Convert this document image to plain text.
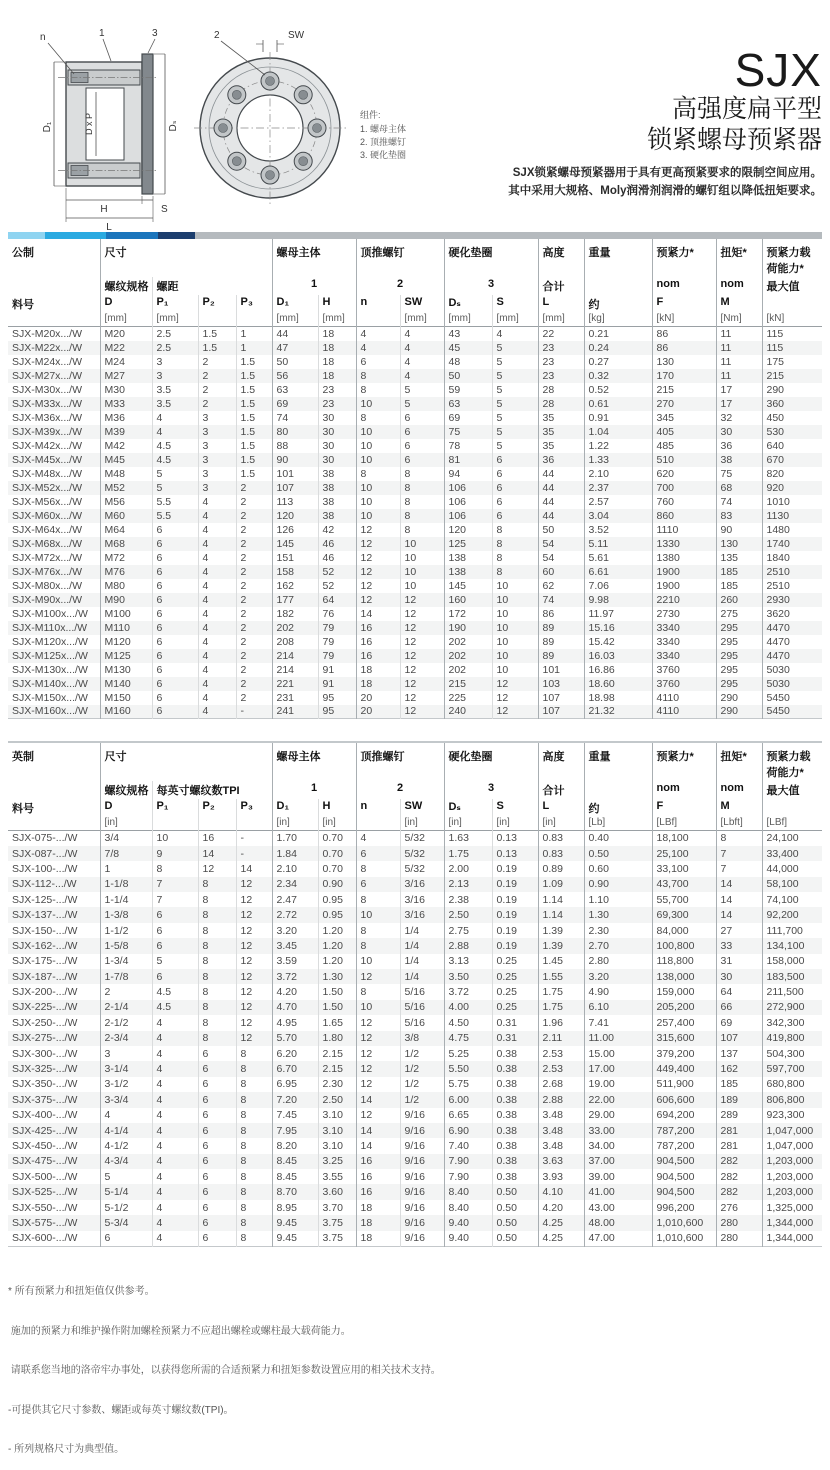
n	1	3
D₁	D x P	Dₛ
H	S
L
2	SW
组件:
1. 螺母主体
2. 顶推螺钉
3. 硬化垫圈
SJX
高强度扁平型
锁紧螺母预紧器
SJX锁紧螺母预紧器用于具有更高预紧要求的限制空间应用。
其中采用大规格、Moly润滑剂润滑的螺钉组以降低扭矩要求。
公制	尺寸				螺母主体		顶推螺钉		硬化垫圈		高度	重量	预紧力*	扭矩*	预紧力载
荷能力*
	螺纹规格	螺距			1		2		3		合计		nom	nom	最大值
料号	D	P₁	P₂	P₃	D₁	H	n	SW	Dₛ	S	L	约	F	M	
	[mm]	[mm]			[mm]	[mm]		[mm]	[mm]	[mm]	[mm]	[kg]	[kN]	[Nm]	[kN]
SJX-M20x.../W	M20	2.5	1.5	1	44	18	4	4	43	4	22	0.21	86	11	115
SJX-M22x.../W	M22	2.5	1.5	1	47	18	4	4	45	5	23	0.24	86	11	115
SJX-M24x.../W	M24	3	2	1.5	50	18	6	4	48	5	23	0.27	130	11	175
SJX-M27x.../W	M27	3	2	1.5	56	18	8	4	50	5	23	0.32	170	11	215
SJX-M30x.../W	M30	3.5	2	1.5	63	23	8	5	59	5	28	0.52	215	17	290
SJX-M33x.../W	M33	3.5	2	1.5	69	23	10	5	63	5	28	0.61	270	17	360
SJX-M36x.../W	M36	4	3	1.5	74	30	8	6	69	5	35	0.91	345	32	450
SJX-M39x.../W	M39	4	3	1.5	80	30	10	6	75	5	35	1.04	405	30	530
SJX-M42x.../W	M42	4.5	3	1.5	88	30	10	6	78	5	35	1.22	485	36	640
SJX-M45x.../W	M45	4.5	3	1.5	90	30	10	6	81	6	36	1.33	510	38	670
SJX-M48x.../W	M48	5	3	1.5	101	38	8	8	94	6	44	2.10	620	75	820
SJX-M52x.../W	M52	5	3	2	107	38	10	8	106	6	44	2.37	700	68	920
SJX-M56x.../W	M56	5.5	4	2	113	38	10	8	106	6	44	2.57	760	74	1010
SJX-M60x.../W	M60	5.5	4	2	120	38	10	8	106	6	44	3.04	860	83	1130
SJX-M64x.../W	M64	6	4	2	126	42	12	8	120	8	50	3.52	1110	90	1480
SJX-M68x.../W	M68	6	4	2	145	46	12	10	125	8	54	5.11	1330	130	1740
SJX-M72x.../W	M72	6	4	2	151	46	12	10	138	8	54	5.61	1380	135	1840
SJX-M76x.../W	M76	6	4	2	158	52	12	10	138	8	60	6.61	1900	185	2510
SJX-M80x.../W	M80	6	4	2	162	52	12	10	145	10	62	7.06	1900	185	2510
SJX-M90x.../W	M90	6	4	2	177	64	12	12	160	10	74	9.98	2210	260	2930
SJX-M100x.../W	M100	6	4	2	182	76	14	12	172	10	86	11.97	2730	275	3620
SJX-M110x.../W	M110	6	4	2	202	79	16	12	190	10	89	15.16	3340	295	4470
SJX-M120x.../W	M120	6	4	2	208	79	16	12	202	10	89	15.42	3340	295	4470
SJX-M125x.../W	M125	6	4	2	214	79	16	12	202	10	89	16.03	3340	295	4470
SJX-M130x.../W	M130	6	4	2	214	91	18	12	202	10	101	16.86	3760	295	5030
SJX-M140x.../W	M140	6	4	2	221	91	18	12	215	12	103	18.60	3760	295	5030
SJX-M150x.../W	M150	6	4	2	231	95	20	12	225	12	107	18.98	4110	290	5450
SJX-M160x.../W	M160	6	4	-	241	95	20	12	240	12	107	21.32	4110	290	5450
英制	尺寸				螺母主体		顶推螺钉		硬化垫圈		高度	重量	预紧力*	扭矩*	预紧力载
荷能力*
	螺纹规格	每英寸螺纹数TPI			1		2		3		合计		nom	nom	最大值
料号	D	P₁	P₂	P₃	D₁	H	n	SW	Dₛ	S	L	约	F	M	
	[in]				[in]	[in]		[in]	[in]	[in]	[in]	[Lb]	[LBf]	[Lbft]	[LBf]
SJX-075-.../W	3/4	10	16	-	1.70	0.70	4	5/32	1.63	0.13	0.83	0.40	18,100	8	24,100
SJX-087-.../W	7/8	9	14	-	1.84	0.70	6	5/32	1.75	0.13	0.83	0.50	25,100	7	33,400
SJX-100-.../W	1	8	12	14	2.10	0.70	8	5/32	2.00	0.19	0.89	0.60	33,100	7	44,000
SJX-112-.../W	1-1/8	7	8	12	2.34	0.90	6	3/16	2.13	0.19	1.09	0.90	43,700	14	58,100
SJX-125-.../W	1-1/4	7	8	12	2.47	0.95	8	3/16	2.38	0.19	1.14	1.10	55,700	14	74,100
SJX-137-.../W	1-3/8	6	8	12	2.72	0.95	10	3/16	2.50	0.19	1.14	1.30	69,300	14	92,200
SJX-150-.../W	1-1/2	6	8	12	3.20	1.20	8	1/4	2.75	0.19	1.39	2.30	84,000	27	111,700
SJX-162-.../W	1-5/8	6	8	12	3.45	1.20	8	1/4	2.88	0.19	1.39	2.70	100,800	33	134,100
SJX-175-.../W	1-3/4	5	8	12	3.59	1.20	10	1/4	3.13	0.25	1.45	2.80	118,800	31	158,000
SJX-187-.../W	1-7/8	6	8	12	3.72	1.30	12	1/4	3.50	0.25	1.55	3.20	138,000	30	183,500
SJX-200-.../W	2	4.5	8	12	4.20	1.50	8	5/16	3.72	0.25	1.75	4.90	159,000	64	211,500
SJX-225-.../W	2-1/4	4.5	8	12	4.70	1.50	10	5/16	4.00	0.25	1.75	6.10	205,200	66	272,900
SJX-250-.../W	2-1/2	4	8	12	4.95	1.65	12	5/16	4.50	0.31	1.96	7.41	257,400	69	342,300
SJX-275-.../W	2-3/4	4	8	12	5.70	1.80	12	3/8	4.75	0.31	2.11	11.00	315,600	107	419,800
SJX-300-.../W	3	4	6	8	6.20	2.15	12	1/2	5.25	0.38	2.53	15.00	379,200	137	504,300
SJX-325-.../W	3-1/4	4	6	8	6.70	2.15	12	1/2	5.50	0.38	2.53	17.00	449,400	162	597,700
SJX-350-.../W	3-1/2	4	6	8	6.95	2.30	12	1/2	5.75	0.38	2.68	19.00	511,900	185	680,800
SJX-375-.../W	3-3/4	4	6	8	7.20	2.50	14	1/2	6.00	0.38	2.88	22.00	606,600	189	806,800
SJX-400-.../W	4	4	6	8	7.45	3.10	12	9/16	6.65	0.38	3.48	29.00	694,200	289	923,300
SJX-425-.../W	4-1/4	4	6	8	7.95	3.10	14	9/16	6.90	0.38	3.48	33.00	787,200	281	1,047,000
SJX-450-.../W	4-1/2	4	6	8	8.20	3.10	14	9/16	7.40	0.38	3.48	34.00	787,200	281	1,047,000
SJX-475-.../W	4-3/4	4	6	8	8.45	3.25	16	9/16	7.90	0.38	3.63	37.00	904,500	282	1,203,000
SJX-500-.../W	5	4	6	8	8.45	3.55	16	9/16	7.90	0.38	3.93	39.00	904,500	282	1,203,000
SJX-525-.../W	5-1/4	4	6	8	8.70	3.60	16	9/16	8.40	0.50	4.10	41.00	904,500	282	1,203,000
SJX-550-.../W	5-1/2	4	6	8	8.95	3.70	18	9/16	8.40	0.50	4.20	43.00	996,200	276	1,325,000
SJX-575-.../W	5-3/4	4	6	8	9.45	3.75	18	9/16	9.40	0.50	4.25	48.00	1,010,600	280	1,344,000
SJX-600-.../W	6	4	6	8	9.45	3.75	18	9/16	9.40	0.50	4.25	47.00	1,010,600	280	1,344,000

* 所有预紧力和扭矩值仅供参考。

施加的预紧力和维护操作附加螺栓预紧力不应超出螺栓或螺柱最大载荷能力。

请联系您当地的洛帝牢办事处，以获得您所需的合适预紧力和扭矩参数设置应用的相关技术支持。

-可提供其它尺寸参数、螺距或每英寸螺纹数(TPI)。

- 所列规格尺寸为典型值。
